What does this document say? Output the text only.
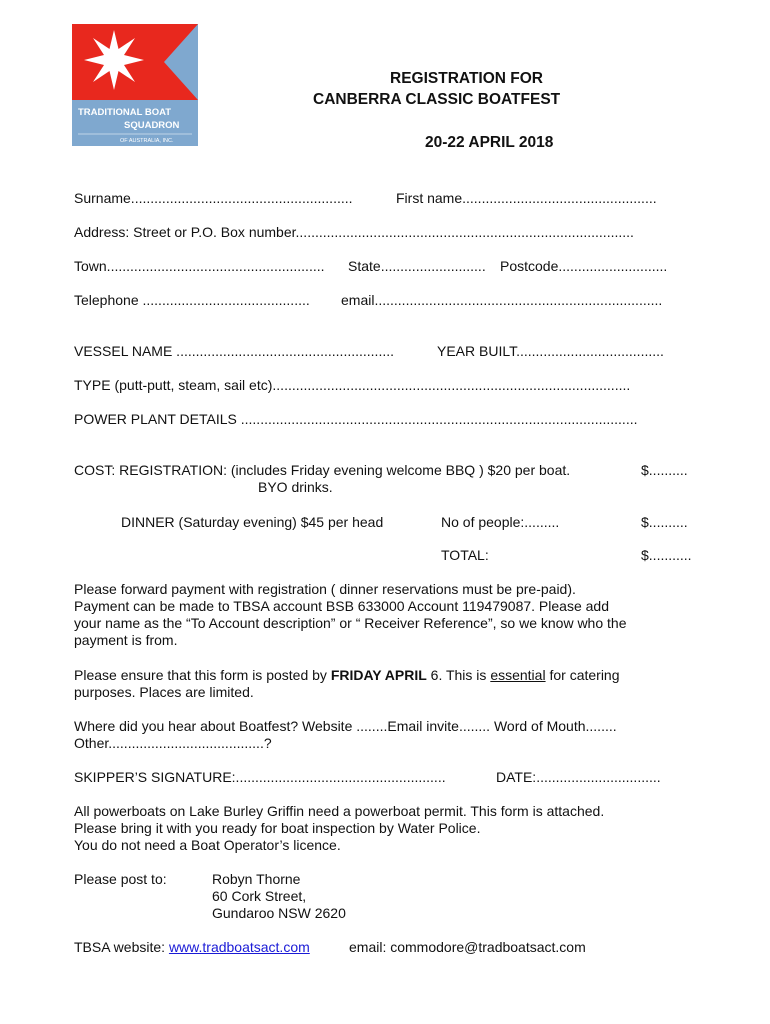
TRADITIONAL BOAT
SQUADRON
OF AUSTRALIA, INC.
REGISTRATION FOR
CANBERRA CLASSIC BOATFEST
20-22 APRIL 2018
Surname.........................................................	First name..................................................
Address: Street or P.O. Box number.......................................................................................
Town........................................................ State........................... Postcode............................
Telephone ........................................... email..........................................................................
VESSEL NAME ........................................................	YEAR BUILT......................................
TYPE (putt-putt, steam, sail etc)............................................................................................
POWER PLANT DETAILS ......................................................................................................
COST: REGISTRATION: (includes Friday evening welcome BBQ ) $20 per boat.	$..........
BYO drinks.
DINNER (Saturday evening) $45 per head	No of people:.........	$..........
TOTAL:	$...........

Please forward payment with registration ( dinner reservations must be pre-paid).

Payment can be made to TBSA account BSB 633000 Account 119479087. Please add

your name as the “To Account description” or “ Receiver Reference”, so we know who the

payment is from.

Please ensure that this form is posted by FRIDAY APRIL 6. This is essential for catering

purposes. Places are limited.

Where did you hear about Boatfest? Website ........Email invite........ Word of Mouth........

Other........................................?

SKIPPER’S SIGNATURE:......................................................	DATE:................................

All powerboats on Lake Burley Griffin need a powerboat permit. This form is attached.

Please bring it with you ready for boat inspection by Water Police.

You do not need a Boat Operator’s licence.

Please post to:	Robyn Thorne
60 Cork Street,
Gundaroo NSW 2620
TBSA website: www.tradboatsact.com	email: commodore@tradboatsact.com
